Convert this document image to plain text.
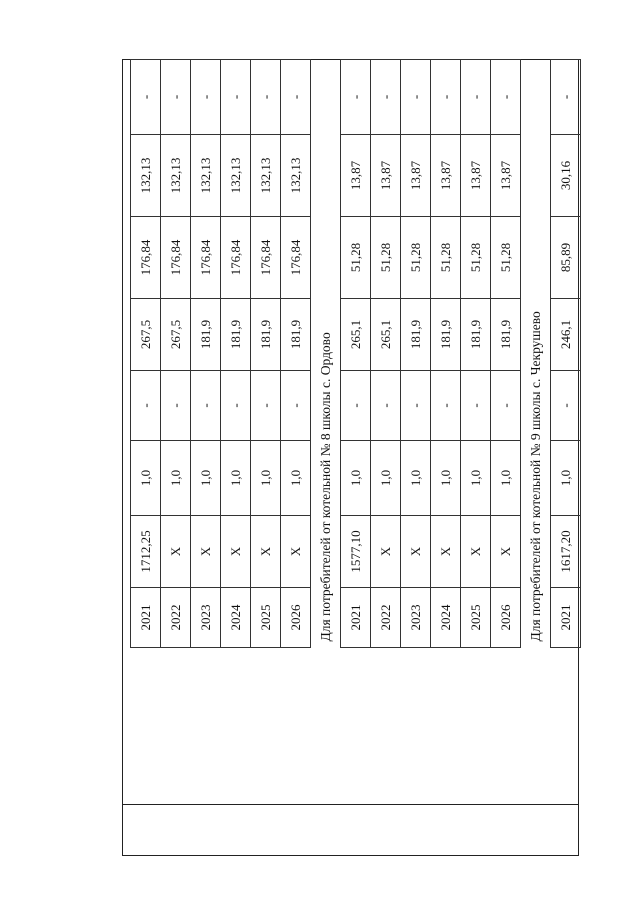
2021	1712,25	1,0	-	267,5	176,84	132,13	-
2022	X	1,0	-	267,5	176,84	132,13	-
2023	X	1,0	-	181,9	176,84	132,13	-
2024	X	1,0	-	181,9	176,84	132,13	-
2025	X	1,0	-	181,9	176,84	132,13	-
2026	X	1,0	-	181,9	176,84	132,13	-
Для потребителей от котельной № 8 школы с. Ордово							
2021	1577,10	1,0	-	265,1	51,28	13,87	-
2022	X	1,0	-	265,1	51,28	13,87	-
2023	X	1,0	-	181,9	51,28	13,87	-
2024	X	1,0	-	181,9	51,28	13,87	-
2025	X	1,0	-	181,9	51,28	13,87	-
2026	X	1,0	-	181,9	51,28	13,87	-
Для потребителей от котельной № 9 школы с. Чекрушево							
2021	1617,20	1,0	-	246,1	85,89	30,16	-
